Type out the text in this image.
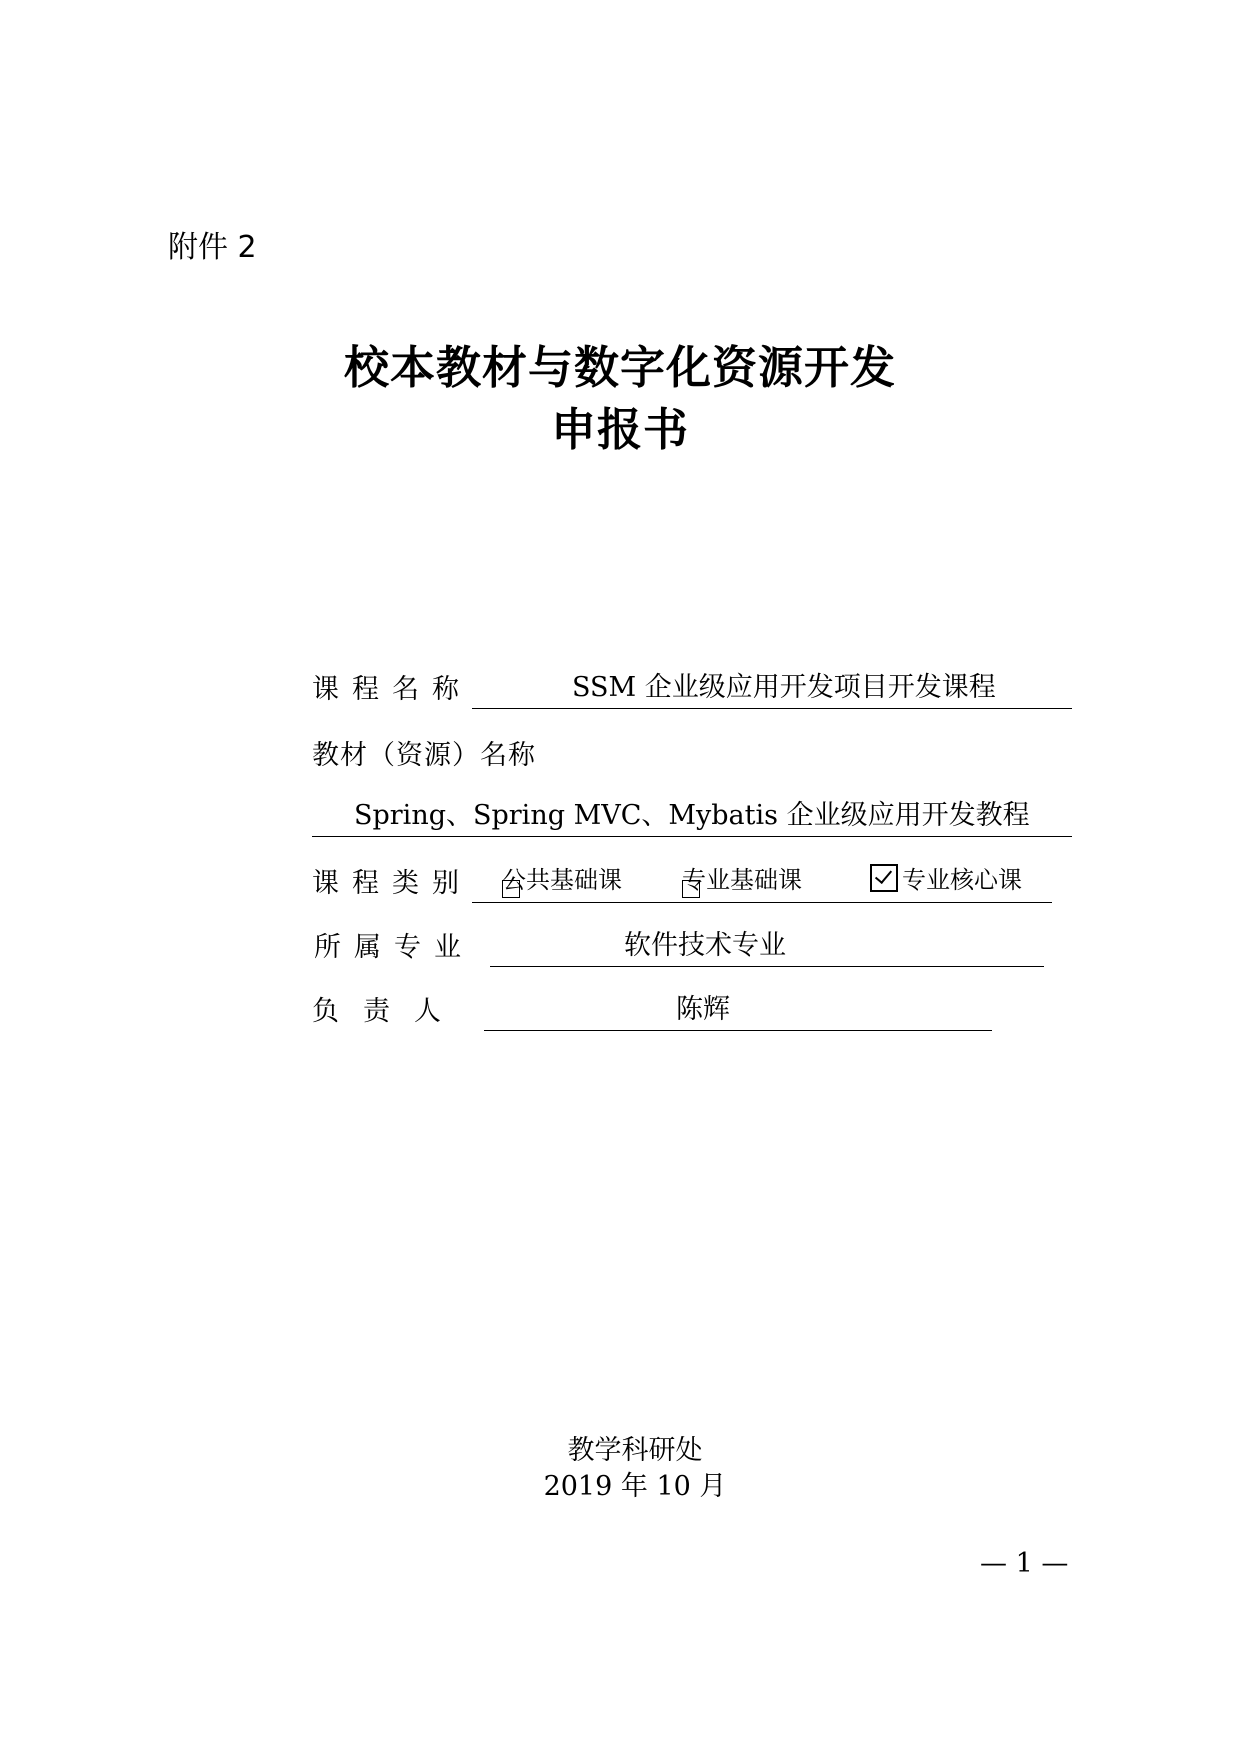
附件 2
校本教材与数字化资源开发
申报书
课程名称	SSM 企业级应用开发项目开发课程
教材（资源）名称
Spring、Spring MVC、Mybatis 企业级应用开发教程
课程类别 公共基础课	专业基础课	专业核心课
所属专业	软件技术专业
负责人	陈辉
教学科研处
2019 年 10 月
— 1 —
